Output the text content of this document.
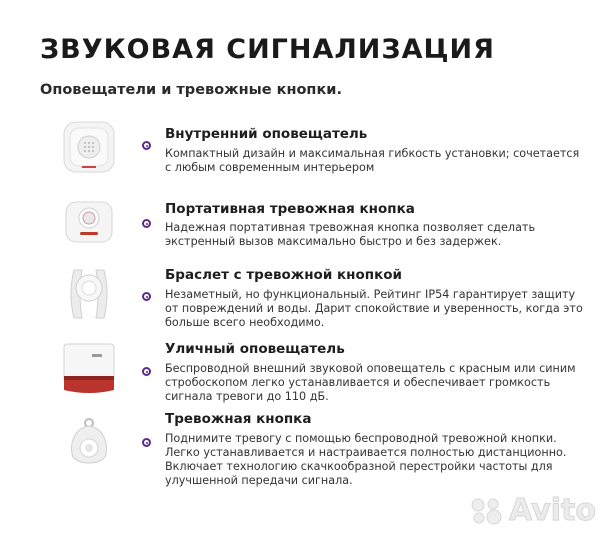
ЗВУКОВАЯ СИГНАЛИЗАЦИЯ
Оповещатели и тревожные кнопки.
Внутренний оповещатель
Компактный дизайн и максимальная гибкость установки; сочетается с любым современным интерьером
Портативная тревожная кнопка
Надежная портативная тревожная кнопка позволяет сделать экстренный вызов максимально быстро и без задержек.
Браслет с тревожной кнопкой
Незаметный, но функциональный. Рейтинг IP54 гарантирует защиту от повреждений и воды. Дарит спокойствие и уверенность, когда это больше всего необходимо.
Уличный оповещатель
Беспроводной внешний звуковой оповещатель с красным или синим стробоскопом легко устанавливается и обеспечивает громкость сигнала тревоги до 110 дБ.
Тревожная кнопка
Поднимите тревогу с помощью беспроводной тревожной кнопки. Легко устанавливается и настраивается полностью дистанционно. Включает технологию скачкообразной перестройки частоты для улучшенной передачи сигнала.
Avito
